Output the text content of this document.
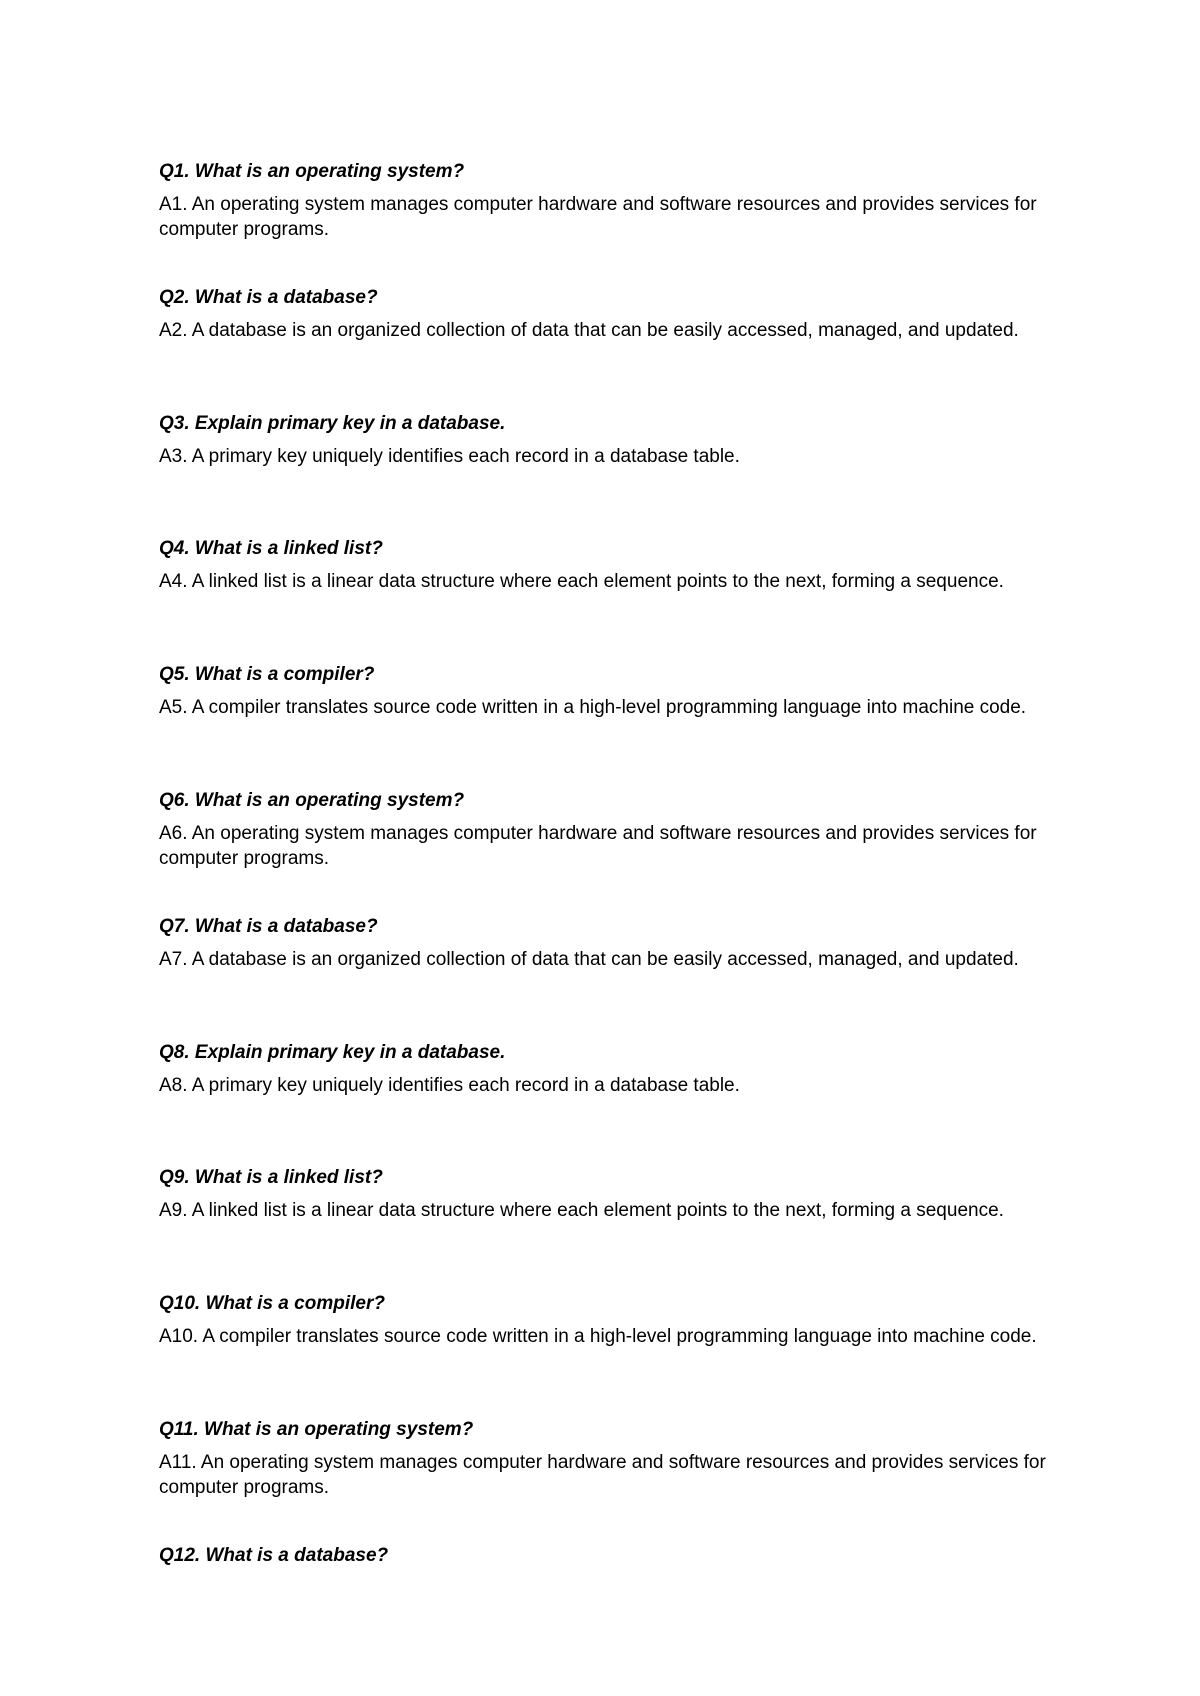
Q1. What is an operating system?

A1. An operating system manages computer hardware and software resources and provides services for computer programs.

Q2. What is a database?

A2. A database is an organized collection of data that can be easily accessed, managed, and updated.

Q3. Explain primary key in a database.

A3. A primary key uniquely identifies each record in a database table.

Q4. What is a linked list?

A4. A linked list is a linear data structure where each element points to the next, forming a sequence.

Q5. What is a compiler?

A5. A compiler translates source code written in a high-level programming language into machine code.

Q6. What is an operating system?

A6. An operating system manages computer hardware and software resources and provides services for computer programs.

Q7. What is a database?

A7. A database is an organized collection of data that can be easily accessed, managed, and updated.

Q8. Explain primary key in a database.

A8. A primary key uniquely identifies each record in a database table.

Q9. What is a linked list?

A9. A linked list is a linear data structure where each element points to the next, forming a sequence.

Q10. What is a compiler?

A10. A compiler translates source code written in a high-level programming language into machine code.

Q11. What is an operating system?

A11. An operating system manages computer hardware and software resources and provides services for computer programs.

Q12. What is a database?
